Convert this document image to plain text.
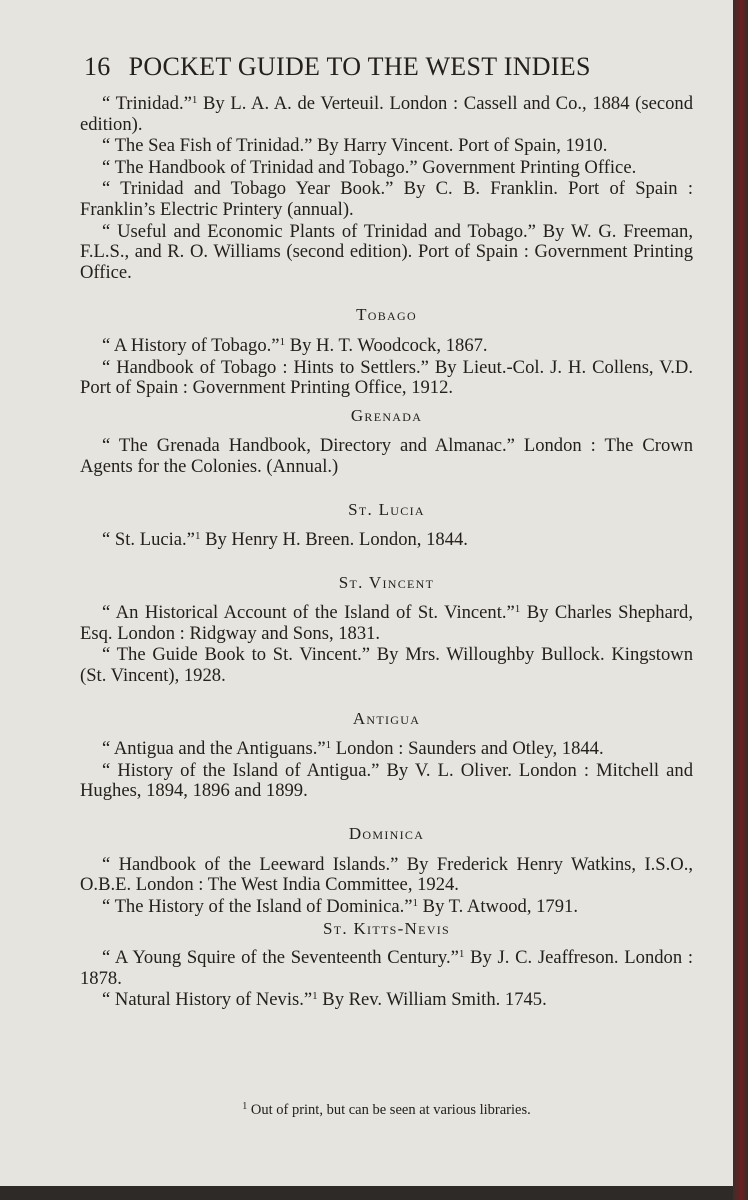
16 POCKET GUIDE TO THE WEST INDIES

“ Trinidad.”$^1$ By L. A. A. de Verteuil. London : Cassell and Co., 1884 (second edition).

“ The Sea Fish of Trinidad.” By Harry Vincent. Port of Spain, 1910.

“ The Handbook of Trinidad and Tobago.” Government Printing Office.

“ Trinidad and Tobago Year Book.” By C. B. Franklin. Port of Spain : Franklin’s Electric Printery (annual).

“ Useful and Economic Plants of Trinidad and Tobago.” By W. G. Freeman, F.L.S., and R. O. Williams (second edition). Port of Spain : Government Printing Office.

Tobago

“ A History of Tobago.”$^1$ By H. T. Woodcock, 1867.

“ Handbook of Tobago : Hints to Settlers.” By Lieut.-Col. J. H. Collens, V.D. Port of Spain : Government Printing Office, 1912.

Grenada

“ The Grenada Handbook, Directory and Almanac.” London : The Crown Agents for the Colonies. (Annual.)

St. Lucia

“ St. Lucia.”$^1$ By Henry H. Breen. London, 1844.

St. Vincent

“ An Historical Account of the Island of St. Vincent.”$^1$ By Charles Shephard, Esq. London : Ridgway and Sons, 1831.

“ The Guide Book to St. Vincent.” By Mrs. Willoughby Bullock. Kingstown (St. Vincent), 1928.

Antigua

“ Antigua and the Antiguans.”$^1$ London : Saunders and Otley, 1844.

“ History of the Island of Antigua.” By V. L. Oliver. London : Mitchell and Hughes, 1894, 1896 and 1899.

Dominica

“ Handbook of the Leeward Islands.” By Frederick Henry Watkins, I.S.O., O.B.E. London : The West India Committee, 1924.

“ The History of the Island of Dominica.”$^1$ By T. Atwood, 1791.

St. Kitts-Nevis

“ A Young Squire of the Seventeenth Century.”$^1$ By J. C. Jeaffreson. London : 1878.

“ Natural History of Nevis.”$^1$ By Rev. William Smith. 1745.

$^1$ Out of print, but can be seen at various libraries.
